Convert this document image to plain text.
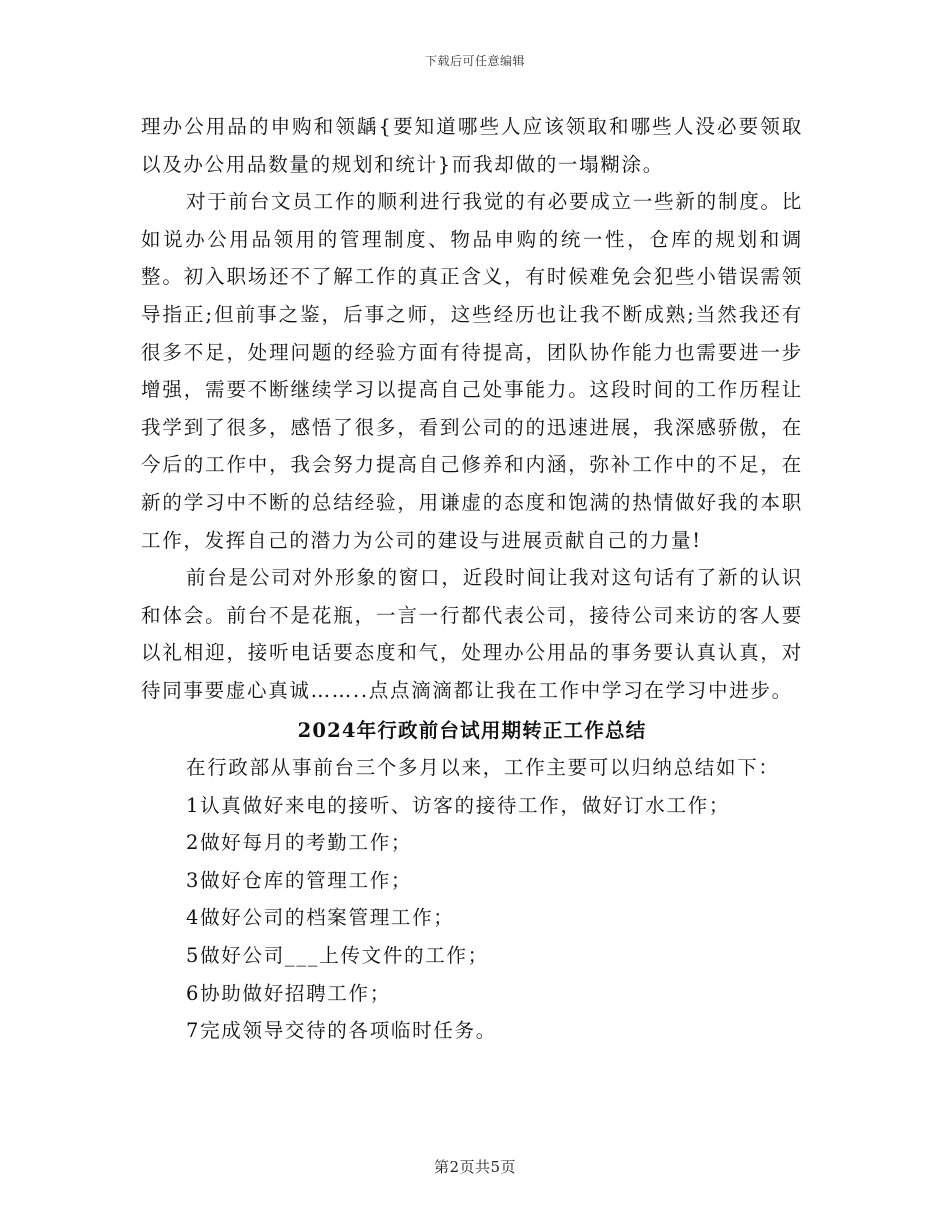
下载后可任意编辑

理办公用品的申购和领龋{要知道哪些人应该领取和哪些人没必要领取以及办公用品数量的规划和统计}而我却做的一塌糊涂。

对于前台文员工作的顺利进行我觉的有必要成立一些新的制度。比如说办公用品领用的管理制度、物品申购的统一性，仓库的规划和调整。初入职场还不了解工作的真正含义，有时候难免会犯些小错误需领导指正;但前事之鉴，后事之师，这些经历也让我不断成熟;当然我还有很多不足，处理问题的经验方面有待提高，团队协作能力也需要进一步增强，需要不断继续学习以提高自己处事能力。这段时间的工作历程让我学到了很多，感悟了很多，看到公司的的迅速进展，我深感骄傲，在今后的工作中，我会努力提高自己修养和内涵，弥补工作中的不足，在新的学习中不断的总结经验，用谦虚的态度和饱满的热情做好我的本职工作，发挥自己的潜力为公司的建设与进展贡献自己的力量!

前台是公司对外形象的窗口，近段时间让我对这句话有了新的认识和体会。前台不是花瓶，一言一行都代表公司，接待公司来访的客人要以礼相迎，接听电话要态度和气，处理办公用品的事务要认真认真，对待同事要虚心真诚……..点点滴滴都让我在工作中学习在学习中进步。

2024年行政前台试用期转正工作总结

在行政部从事前台三个多月以来，工作主要可以归纳总结如下：

1认真做好来电的接听、访客的接待工作，做好订水工作；
2做好每月的考勤工作；
3做好仓库的管理工作；
4做好公司的档案管理工作；
5做好公司___上传文件的工作；
6协助做好招聘工作；
7完成领导交待的各项临时任务。
第2页共5页
